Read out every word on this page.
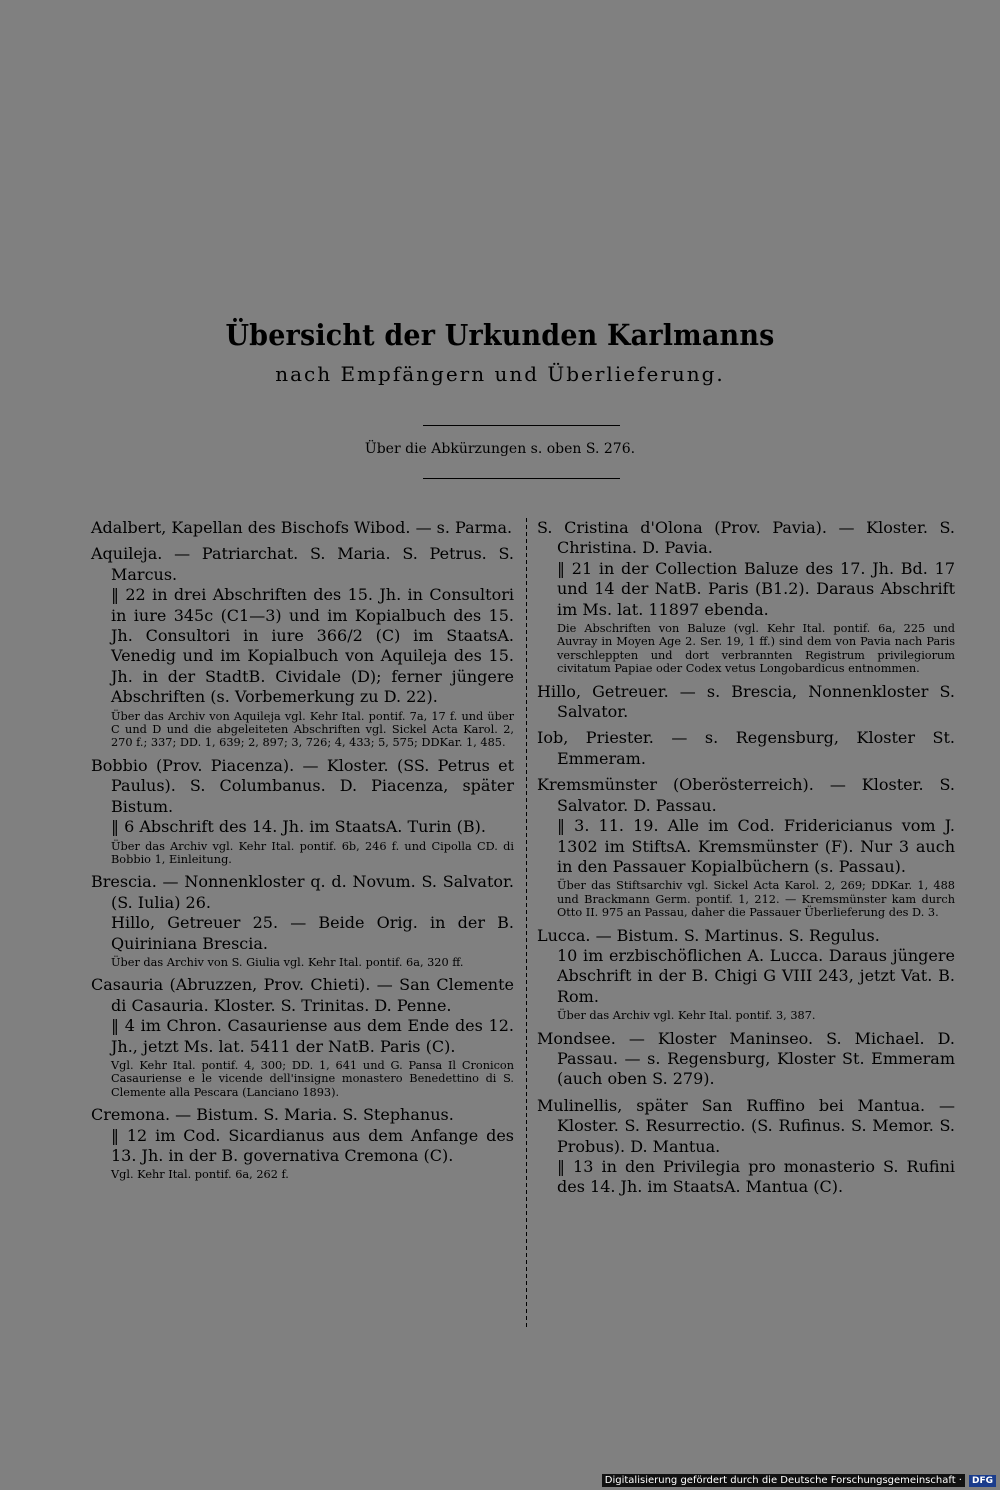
Übersicht der Urkunden Karlmanns
nach Empfängern und Überlieferung.
Über die Abkürzungen s. oben S. 276.
Adalbert, Kapellan des Bischofs Wibod. — s. Parma.
Aquileja. — Patriarchat. S. Maria. S. Petrus. S. Marcus.
‖ 22 in drei Abschriften des 15. Jh. in Consultori in iure 345c (C1—3) und im Kopialbuch des 15. Jh. Consultori in iure 366/2 (C) im StaatsA. Venedig und im Kopialbuch von Aquileja des 15. Jh. in der StadtB. Cividale (D); ferner jüngere Abschriften (s. Vorbemerkung zu D. 22).
Über das Archiv von Aquileja vgl. Kehr Ital. pontif. 7a, 17 f. und über C und D und die abgeleiteten Abschriften vgl. Sickel Acta Karol. 2, 270 f.; 337; DD. 1, 639; 2, 897; 3, 726; 4, 433; 5, 575; DDKar. 1, 485.
Bobbio (Prov. Piacenza). — Kloster. (SS. Petrus et Paulus). S. Columbanus. D. Piacenza, später Bistum.
‖ 6 Abschrift des 14. Jh. im StaatsA. Turin (B).
Über das Archiv vgl. Kehr Ital. pontif. 6b, 246 f. und Cipolla CD. di Bobbio 1, Einleitung.
Brescia. — Nonnenkloster q. d. Novum. S. Salvator. (S. Iulia) 26.
Hillo, Getreuer 25. — Beide Orig. in der B. Quiriniana Brescia.
Über das Archiv von S. Giulia vgl. Kehr Ital. pontif. 6a, 320 ff.
Casauria (Abruzzen, Prov. Chieti). — San Clemente di Casauria. Kloster. S. Trinitas. D. Penne.
‖ 4 im Chron. Casauriense aus dem Ende des 12. Jh., jetzt Ms. lat. 5411 der NatB. Paris (C).
Vgl. Kehr Ital. pontif. 4, 300; DD. 1, 641 und G. Pansa Il Cronicon Casauriense e le vicende dell'insigne monastero Benedettino di S. Clemente alla Pescara (Lanciano 1893).
Cremona. — Bistum. S. Maria. S. Stephanus.
‖ 12 im Cod. Sicardianus aus dem Anfange des 13. Jh. in der B. governativa Cremona (C).
Vgl. Kehr Ital. pontif. 6a, 262 f.
S. Cristina d'Olona (Prov. Pavia). — Kloster. S. Christina. D. Pavia.
‖ 21 in der Collection Baluze des 17. Jh. Bd. 17 und 14 der NatB. Paris (B1.2). Daraus Abschrift im Ms. lat. 11897 ebenda.
Die Abschriften von Baluze (vgl. Kehr Ital. pontif. 6a, 225 und Auvray in Moyen Age 2. Ser. 19, 1 ff.) sind dem von Pavia nach Paris verschleppten und dort verbrannten Registrum privilegiorum civitatum Papiae oder Codex vetus Longobardicus entnommen.
Hillo, Getreuer. — s. Brescia, Nonnenkloster S. Salvator.
Iob, Priester. — s. Regensburg, Kloster St. Emmeram.
Kremsmünster (Oberösterreich). — Kloster. S. Salvator. D. Passau.
‖ 3. 11. 19. Alle im Cod. Fridericianus vom J. 1302 im StiftsA. Kremsmünster (F). Nur 3 auch in den Passauer Kopialbüchern (s. Passau).
Über das Stiftsarchiv vgl. Sickel Acta Karol. 2, 269; DDKar. 1, 488 und Brackmann Germ. pontif. 1, 212. — Kremsmünster kam durch Otto II. 975 an Passau, daher die Passauer Überlieferung des D. 3.
Lucca. — Bistum. S. Martinus. S. Regulus.
10 im erzbischöflichen A. Lucca. Daraus jüngere Abschrift in der B. Chigi G VIII 243, jetzt Vat. B. Rom.
Über das Archiv vgl. Kehr Ital. pontif. 3, 387.
Mondsee. — Kloster Maninseo. S. Michael. D. Passau. — s. Regensburg, Kloster St. Emmeram (auch oben S. 279).
Mulinellis, später San Ruffino bei Mantua. — Kloster. S. Resurrectio. (S. Rufinus. S. Memor. S. Probus). D. Mantua.
‖ 13 in den Privilegia pro monasterio S. Rufini des 14. Jh. im StaatsA. Mantua (C).
Digitalisierung gefördert durch die Deutsche Forschungsgemeinschaft ·	DFG
